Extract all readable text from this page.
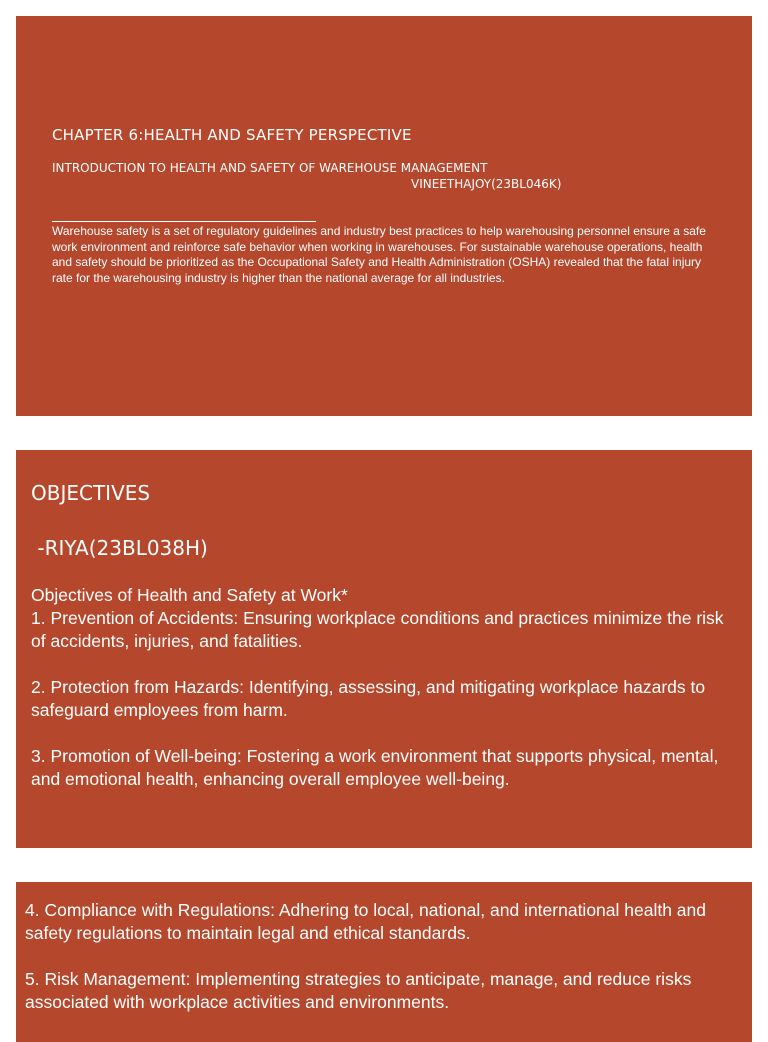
CHAPTER 6:HEALTH AND SAFETY PERSPECTIVE
INTRODUCTION TO HEALTH AND SAFETY OF WAREHOUSE MANAGEMENT
VINEETHAJOY(23BL046K)

Warehouse safety is a set of regulatory guidelines and industry best practices to help warehousing personnel ensure a safe work environment and reinforce safe behavior when working in warehouses. For sustainable warehouse operations, health and safety should be prioritized as the Occupational Safety and Health Administration (OSHA) revealed that the fatal injury rate for the warehousing industry is higher than the national average for all industries.

OBJECTIVES
-RIYA(23BL038H)

Objectives of Health and Safety at Work*

1. Prevention of Accidents: Ensuring workplace conditions and practices minimize the risk of accidents, injuries, and fatalities.

2. Protection from Hazards: Identifying, assessing, and mitigating workplace hazards to safeguard employees from harm.

3. Promotion of Well-being: Fostering a work environment that supports physical, mental, and emotional health, enhancing overall employee well-being.

4. Compliance with Regulations: Adhering to local, national, and international health and safety regulations to maintain legal and ethical standards.

5. Risk Management: Implementing strategies to anticipate, manage, and reduce risks associated with workplace activities and environments.
